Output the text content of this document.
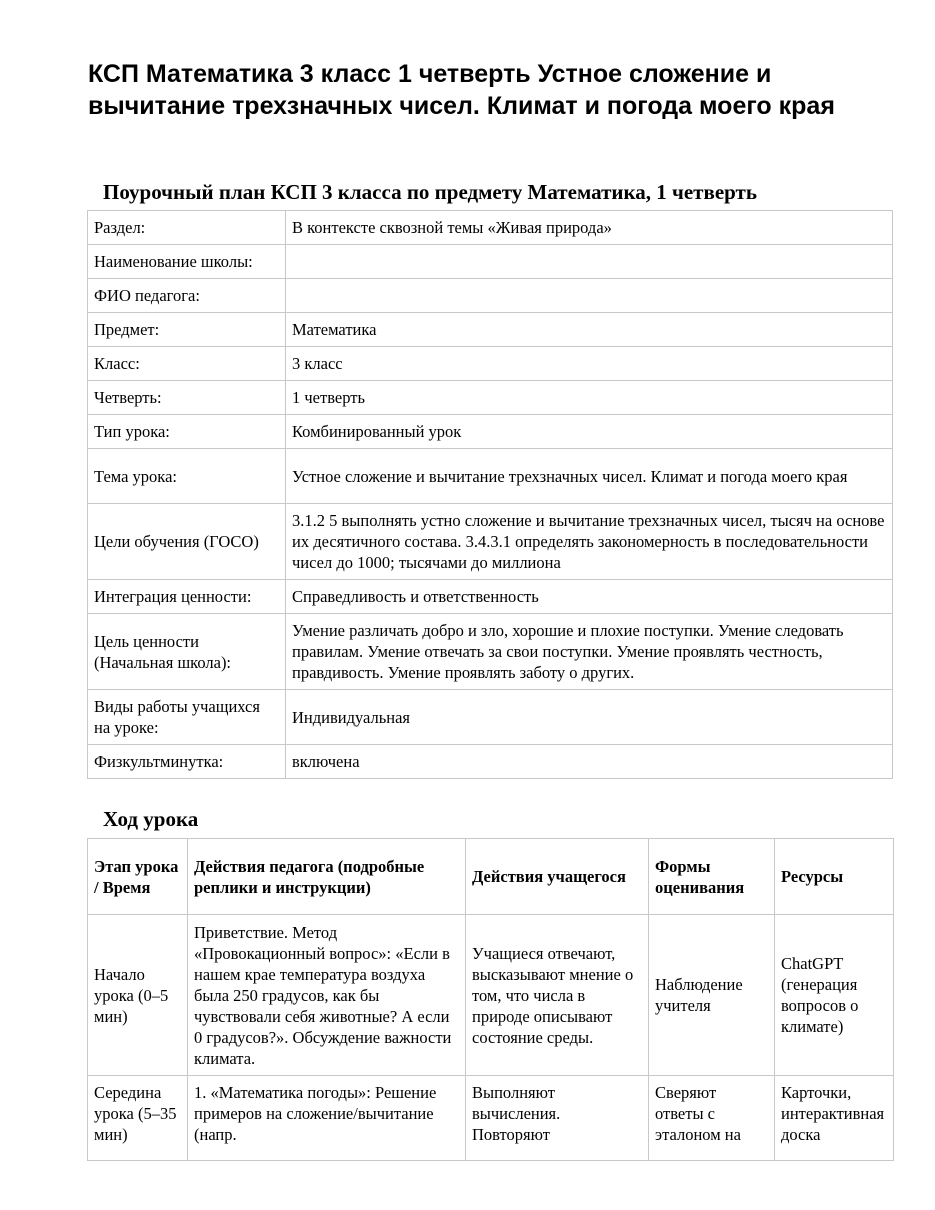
КСП Математика 3 класс 1 четверть Устное сложение и вычитание трехзначных чисел. Климат и погода моего края
Поурочный план КСП 3 класса по предмету Математика, 1 четверть
Раздел:	В контексте сквозной темы «Живая природа»
Наименование школы:	
ФИО педагога:	
Предмет:	Математика
Класс:	3 класс
Четверть:	1 четверть
Тип урока:	Комбинированный урок
Тема урока:	Устное сложение и вычитание трехзначных чисел. Климат и погода моего края
Цели обучения (ГОСО)	3.1.2 5 выполнять устно сложение и вычитание трехзначных чисел, тысяч на основе их десятичного состава. 3.4.3.1 определять закономерность в последовательности чисел до 1000; тысячами до миллиона
Интеграция ценности:	Справедливость и ответственность
Цель ценности (Начальная школа):	Умение различать добро и зло, хорошие и плохие поступки. Умение следовать правилам. Умение отвечать за свои поступки. Умение проявлять честность, правдивость. Умение проявлять заботу о других.
Виды работы учащихся на уроке:	Индивидуальная
Физкультминутка:	включена
Ход урока
Этап урока / Время	Действия педагога (подробные реплики и инструкции)	Действия учащегося	Формы оценивания	Ресурсы
Начало урока (0–5 мин)	Приветствие. Метод «Провокационный вопрос»: «Если в нашем крае температура воздуха была 250 градусов, как бы чувствовали себя животные? А если 0 градусов?». Обсуждение важности климата.	Учащиеся отвечают, высказывают мнение о том, что числа в природе описывают состояние среды.	Наблюдение учителя	ChatGPT (генерация вопросов о климате)
Середина урока (5–35 мин)	1. «Математика погоды»: Решение примеров на сложение/вычитание (напр.	Выполняют вычисления. Повторяют	Сверяют ответы с эталоном на	Карточки, интерактивная доска
